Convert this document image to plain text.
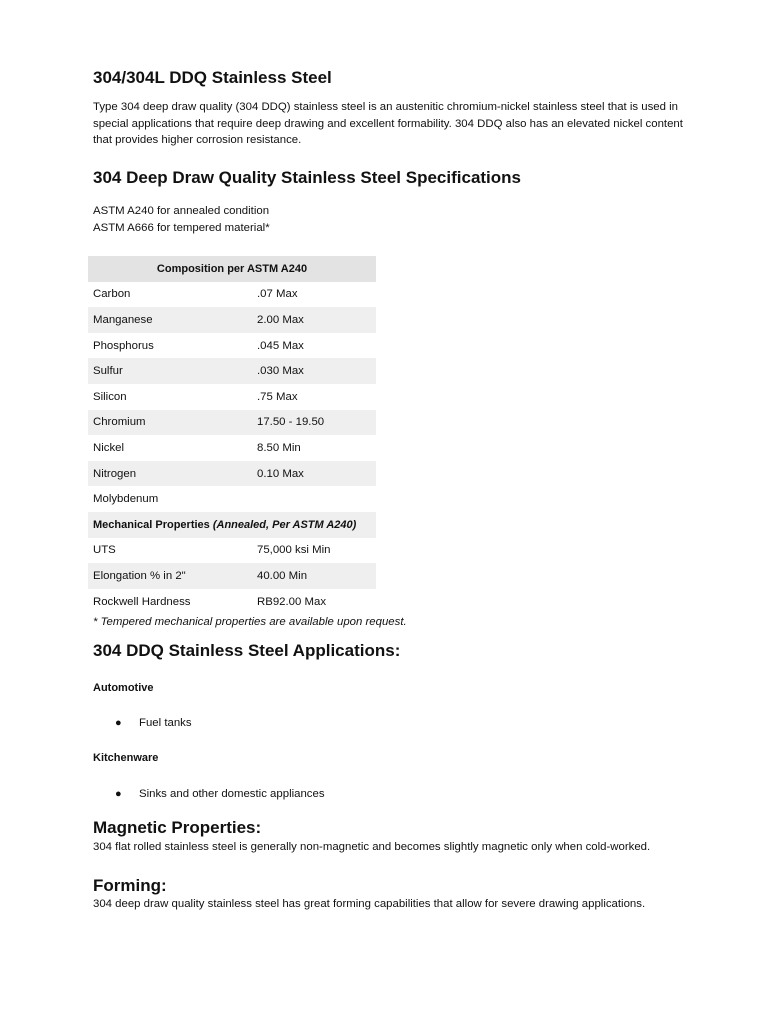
304/304L DDQ Stainless Steel
Type 304 deep draw quality (304 DDQ) stainless steel is an austenitic chromium-nickel stainless steel that is used in special applications that require deep drawing and excellent formability. 304 DDQ also has an elevated nickel content that provides higher corrosion resistance.
304 Deep Draw Quality Stainless Steel Specifications
ASTM A240 for annealed condition
ASTM A666 for tempered material*
Composition per ASTM A240	
Carbon	.07 Max
Manganese	2.00 Max
Phosphorus	.045 Max
Sulfur	.030 Max
Silicon	.75 Max
Chromium	17.50 - 19.50
Nickel	8.50 Min
Nitrogen	0.10 Max
Molybdenum	
Mechanical Properties (Annealed, Per ASTM A240)	
UTS	75,000 ksi Min
Elongation % in 2"	40.00 Min
Rockwell Hardness	RB92.00 Max
* Tempered mechanical properties are available upon request.
304 DDQ Stainless Steel Applications:
Automotive
● Fuel tanks
Kitchenware
● Sinks and other domestic appliances
Magnetic Properties:
304 flat rolled stainless steel is generally non-magnetic and becomes slightly magnetic only when cold-worked.
Forming:
304 deep draw quality stainless steel has great forming capabilities that allow for severe drawing applications.
